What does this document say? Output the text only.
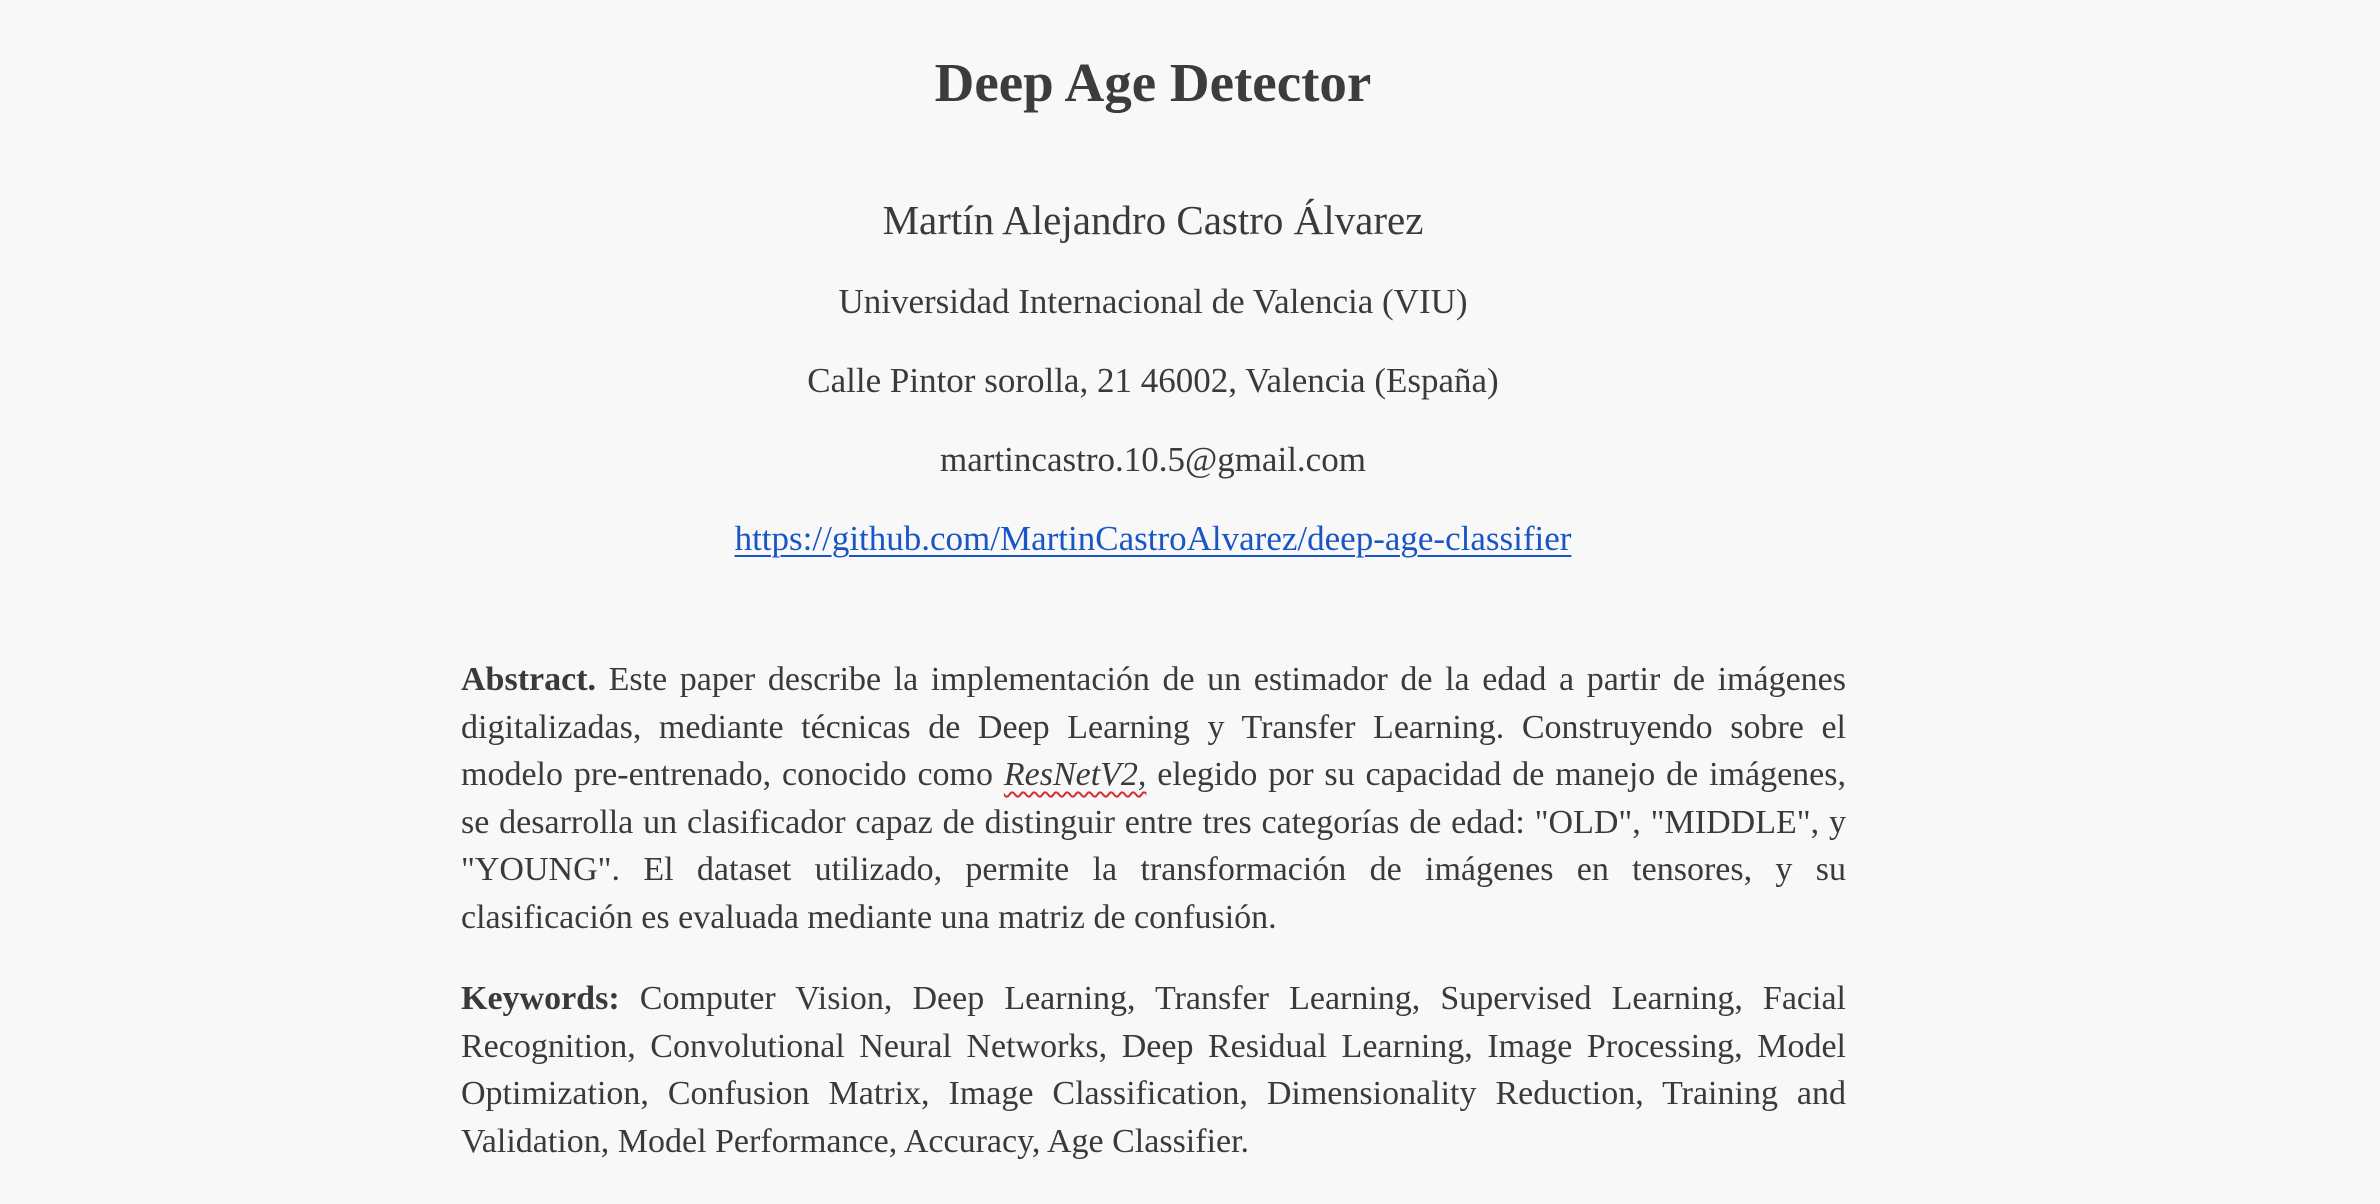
Deep Age Detector

Martín Alejandro Castro Álvarez

Universidad Internacional de Valencia (VIU)

Calle Pintor sorolla, 21 46002, Valencia (España)

martincastro.10.5@gmail.com

https://github.com/MartinCastroAlvarez/deep-age-classifier

Abstract. Este paper describe la implementación de un estimador de la edad a partir de imágenes digitalizadas, mediante técnicas de Deep Learning y Transfer Learning. Construyendo sobre el modelo pre-entrenado, conocido como ResNetV2, elegido por su capacidad de manejo de imágenes, se desarrolla un clasificador capaz de distinguir entre tres categorías de edad: "OLD", "MIDDLE", y "YOUNG". El dataset utilizado, permite la transformación de imágenes en tensores, y su clasificación es evaluada mediante una matriz de confusión.

Keywords: Computer Vision, Deep Learning, Transfer Learning, Supervised Learning, Facial Recognition, Convolutional Neural Networks, Deep Residual Learning, Image Processing, Model Optimization, Confusion Matrix, Image Classification, Dimensionality Reduction, Training and Validation, Model Performance, Accuracy, Age Classifier.
